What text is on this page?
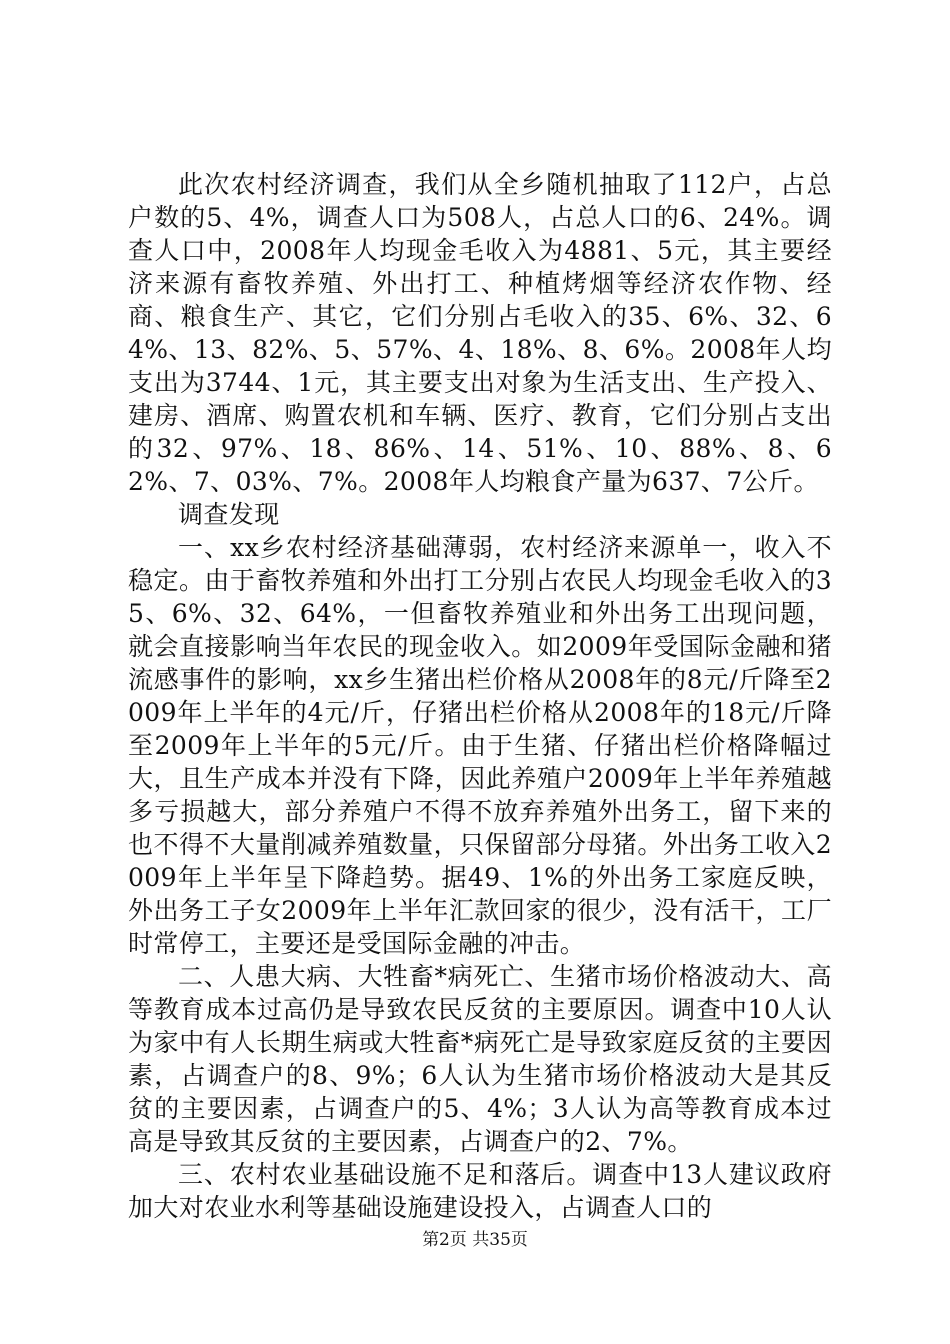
此次农村经济调查，我们从全乡随机抽取了112户，占总户数的5、4%，调查人口为508人，占总人口的6、24%。调查人口中，2008年人均现金毛收入为4881、5元，其主要经济来源有畜牧养殖、外出打工、种植烤烟等经济农作物、经商、粮食生产、其它，它们分别占毛收入的35、6%、32、64%、13、82%、5、57%、4、18%、8、6%。2008年人均支出为3744、1元，其主要支出对象为生活支出、生产投入、建房、酒席、购置农机和车辆、医疗、教育，它们分别占支出的32、97%、18、86%、14、51%、10、88%、8、62%、7、03%、7%。2008年人均粮食产量为637、7公斤。

调查发现

一、xx乡农村经济基础薄弱，农村经济来源单一，收入不稳定。由于畜牧养殖和外出打工分别占农民人均现金毛收入的35、6%、32、64%，一但畜牧养殖业和外出务工出现问题，就会直接影响当年农民的现金收入。如2009年受国际金融和猪流感事件的影响，xx乡生猪出栏价格从2008年的8元/斤降至2009年上半年的4元/斤，仔猪出栏价格从2008年的18元/斤降至2009年上半年的5元/斤。由于生猪、仔猪出栏价格降幅过大，且生产成本并没有下降，因此养殖户2009年上半年养殖越多亏损越大，部分养殖户不得不放弃养殖外出务工，留下来的也不得不大量削减养殖数量，只保留部分母猪。外出务工收入2009年上半年呈下降趋势。据49、1%的外出务工家庭反映，外出务工子女2009年上半年汇款回家的很少，没有活干，工厂时常停工，主要还是受国际金融的冲击。

二、人患大病、大牲畜*病死亡、生猪市场价格波动大、高等教育成本过高仍是导致农民反贫的主要原因。调查中10人认为家中有人长期生病或大牲畜*病死亡是导致家庭反贫的主要因素，占调查户的8、9%；6人认为生猪市场价格波动大是其反贫的主要因素，占调查户的5、4%；3人认为高等教育成本过高是导致其反贫的主要因素，占调查户的2、7%。

三、农村农业基础设施不足和落后。调查中13人建议政府加大对农业水利等基础设施建设投入，占调查人口的

第2页 共35页
